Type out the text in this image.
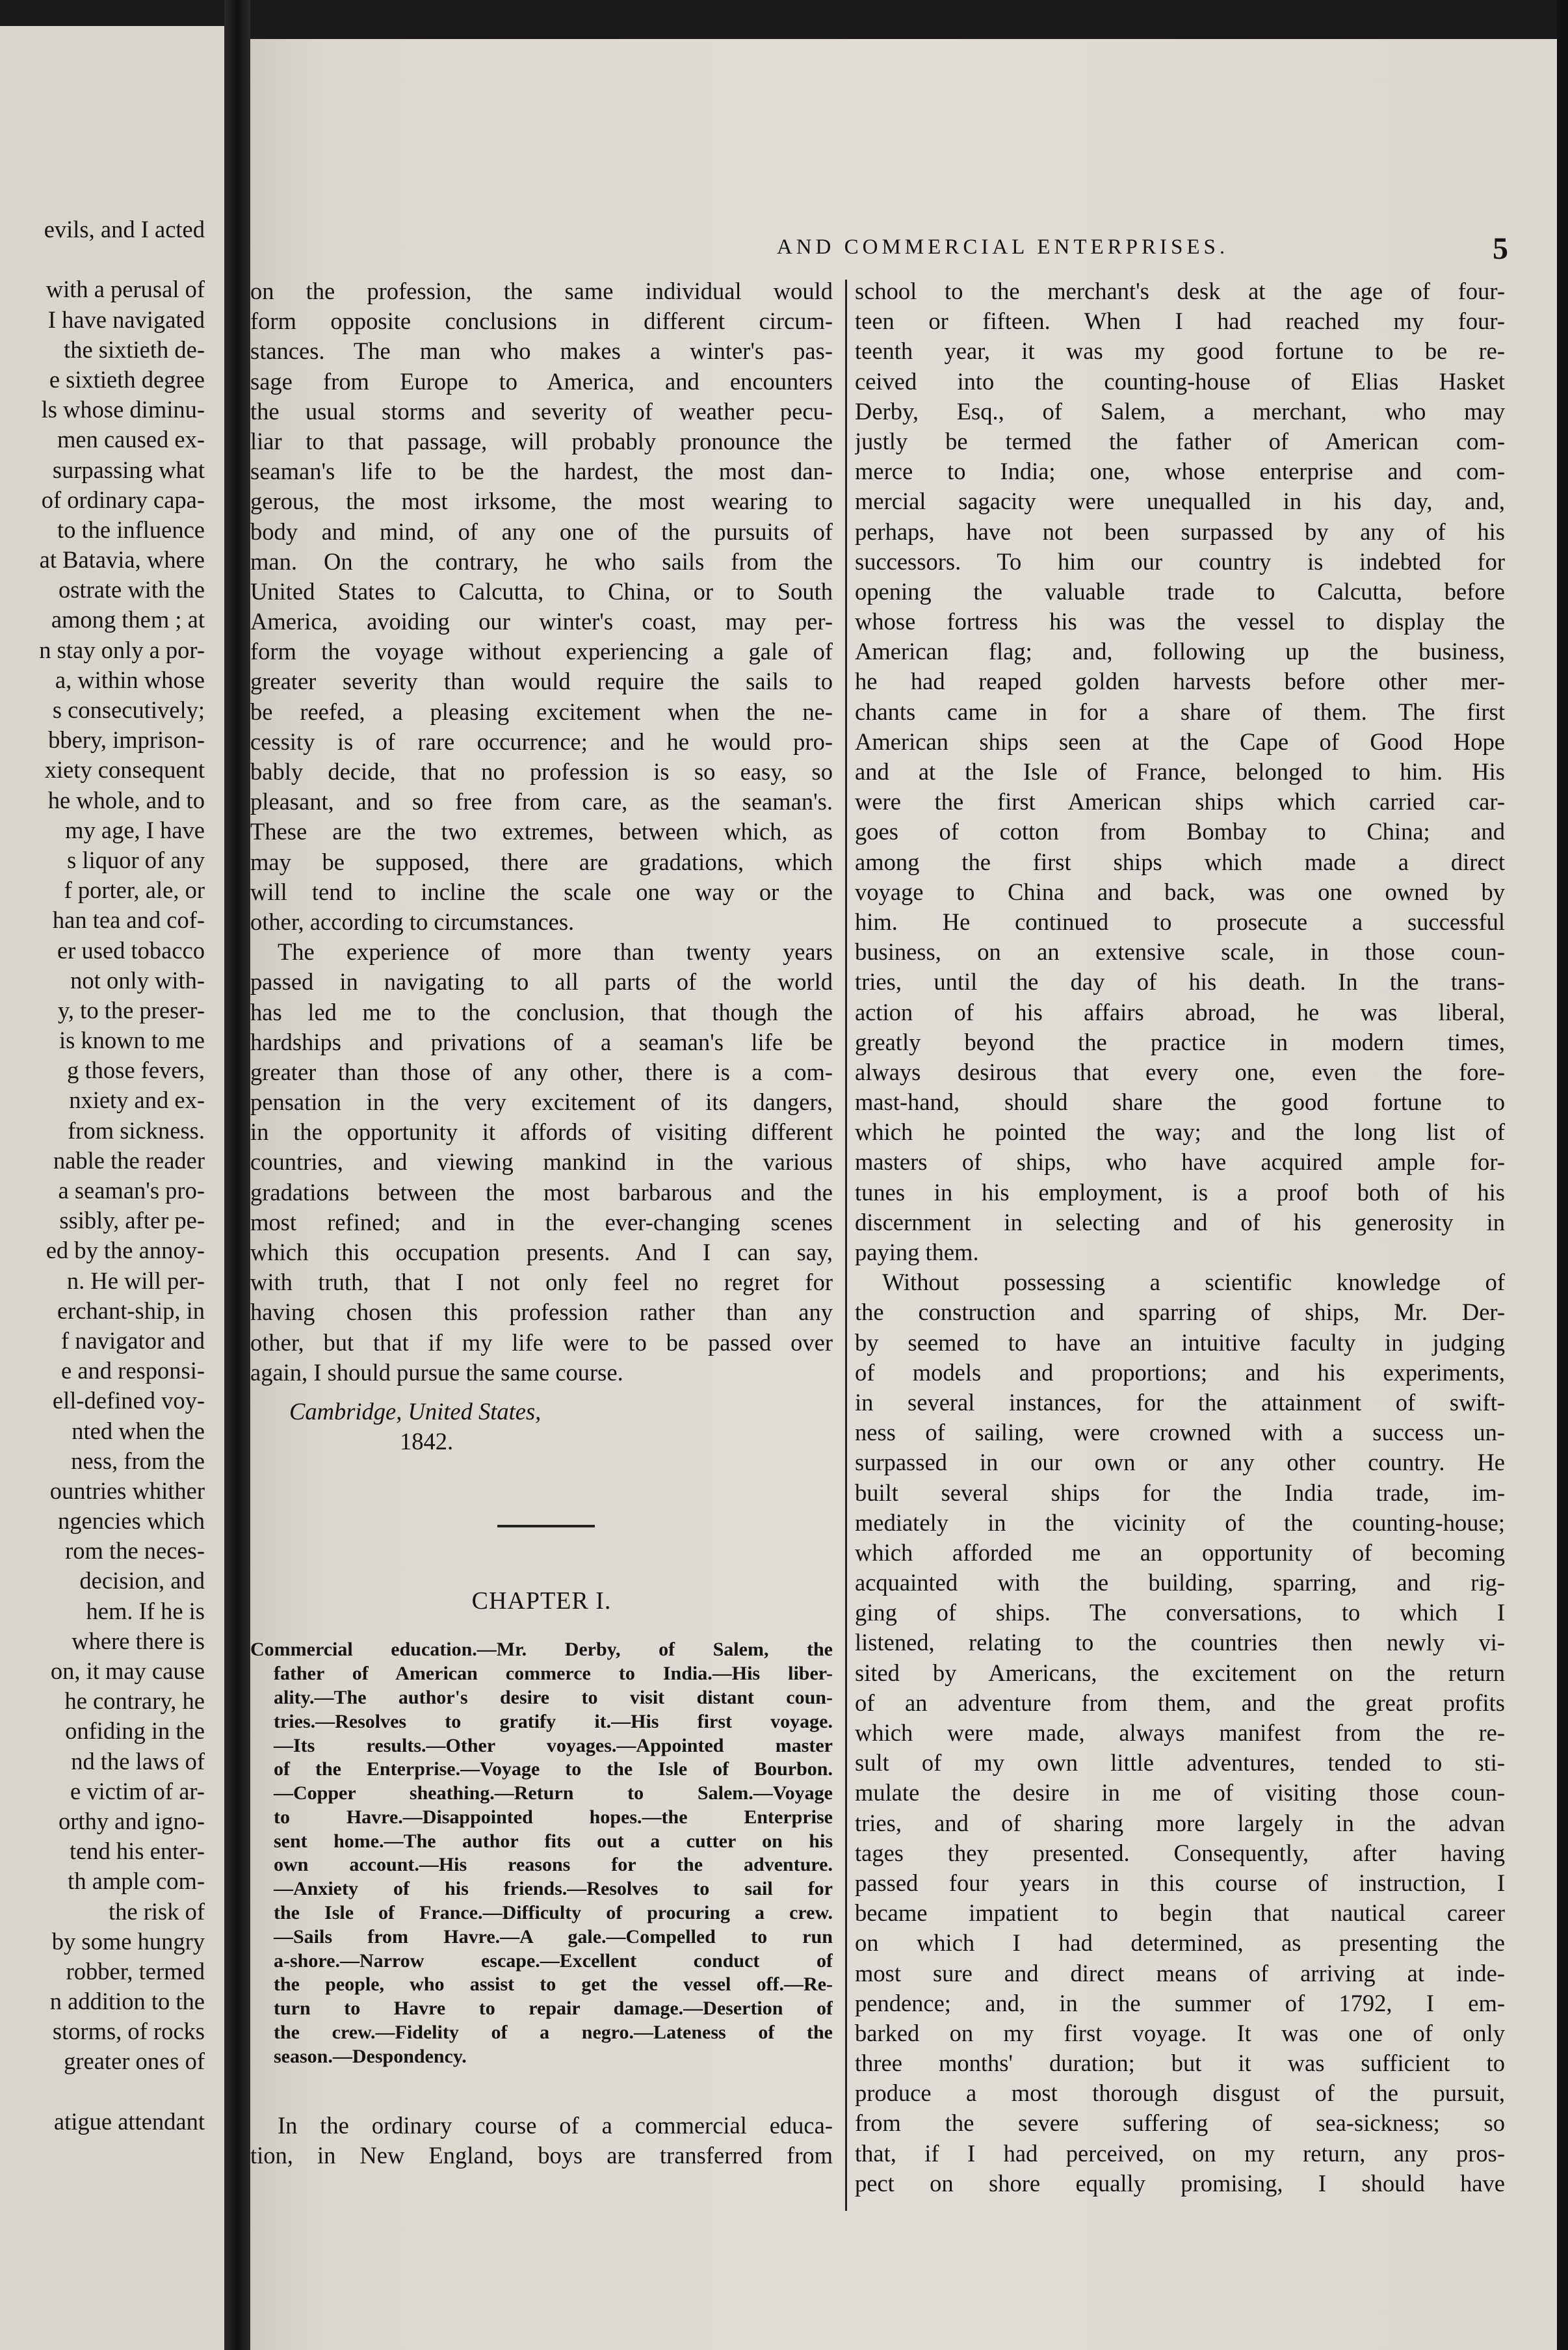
evils, and I acted
with a perusal of
I have navigated
the sixtieth de-
e sixtieth degree
ls whose diminu-
men caused ex-
surpassing what
of ordinary capa-
to the influence
at Batavia, where
ostrate with the
among them ; at
n stay only a por-
a, within whose
s consecutively;
bbery, imprison-
xiety consequent
he whole, and to
my age, I have
s liquor of any
f porter, ale, or
han tea and cof-
er used tobacco
not only with-
y, to the preser-
is known to me
g those fevers,
nxiety and ex-
from sickness.
nable the reader
a seaman's pro-
ssibly, after pe-
ed by the annoy-
n. He will per-
erchant-ship, in
f navigator and
e and responsi-
ell-defined voy-
nted when the
ness, from the
ountries whither
ngencies which
rom the neces-
decision, and
hem. If he is
where there is
on, it may cause
he contrary, he
onfiding in the
nd the laws of
e victim of ar-
orthy and igno-
tend his enter-
th ample com-
the risk of
by some hungry
robber, termed
n addition to the
storms, of rocks
greater ones of
atigue attendant
AND COMMERCIAL ENTERPRISES.	5
on the profession, the same individual would
form opposite conclusions in different circum-
stances. The man who makes a winter's pas-
sage from Europe to America, and encounters
the usual storms and severity of weather pecu-
liar to that passage, will probably pronounce the
seaman's life to be the hardest, the most dan-
gerous, the most irksome, the most wearing to
body and mind, of any one of the pursuits of
man. On the contrary, he who sails from the
United States to Calcutta, to China, or to South
America, avoiding our winter's coast, may per-
form the voyage without experiencing a gale of
greater severity than would require the sails to
be reefed, a pleasing excitement when the ne-
cessity is of rare occurrence; and he would pro-
bably decide, that no profession is so easy, so
pleasant, and so free from care, as the seaman's.
These are the two extremes, between which, as
may be supposed, there are gradations, which
will tend to incline the scale one way or the
other, according to circumstances.
The experience of more than twenty years
passed in navigating to all parts of the world
has led me to the conclusion, that though the
hardships and privations of a seaman's life be
greater than those of any other, there is a com-
pensation in the very excitement of its dangers,
in the opportunity it affords of visiting different
countries, and viewing mankind in the various
gradations between the most barbarous and the
most refined; and in the ever-changing scenes
which this occupation presents. And I can say,
with truth, that I not only feel no regret for
having chosen this profession rather than any
other, but that if my life were to be passed over
again, I should pursue the same course.
Cambridge, United States,
1842.
CHAPTER I.
Commercial education.—Mr. Derby, of Salem, the
father of American commerce to India.—His liber-
ality.—The author's desire to visit distant coun-
tries.—Resolves to gratify it.—His first voyage.
—Its results.—Other voyages.—Appointed master
of the Enterprise.—Voyage to the Isle of Bourbon.
—Copper sheathing.—Return to Salem.—Voyage
to Havre.—Disappointed hopes.—the Enterprise
sent home.—The author fits out a cutter on his
own account.—His reasons for the adventure.
—Anxiety of his friends.—Resolves to sail for
the Isle of France.—Difficulty of procuring a crew.
—Sails from Havre.—A gale.—Compelled to run
a-shore.—Narrow escape.—Excellent conduct of
the people, who assist to get the vessel off.—Re-
turn to Havre to repair damage.—Desertion of
the crew.—Fidelity of a negro.—Lateness of the
season.—Despondency.
In the ordinary course of a commercial educa-
tion, in New England, boys are transferred from
school to the merchant's desk at the age of four-
teen or fifteen. When I had reached my four-
teenth year, it was my good fortune to be re-
ceived into the counting-house of Elias Hasket
Derby, Esq., of Salem, a merchant, who may
justly be termed the father of American com-
merce to India; one, whose enterprise and com-
mercial sagacity were unequalled in his day, and,
perhaps, have not been surpassed by any of his
successors. To him our country is indebted for
opening the valuable trade to Calcutta, before
whose fortress his was the vessel to display the
American flag; and, following up the business,
he had reaped golden harvests before other mer-
chants came in for a share of them. The first
American ships seen at the Cape of Good Hope
and at the Isle of France, belonged to him. His
were the first American ships which carried car-
goes of cotton from Bombay to China; and
among the first ships which made a direct
voyage to China and back, was one owned by
him. He continued to prosecute a successful
business, on an extensive scale, in those coun-
tries, until the day of his death. In the trans-
action of his affairs abroad, he was liberal,
greatly beyond the practice in modern times,
always desirous that every one, even the fore-
mast-hand, should share the good fortune to
which he pointed the way; and the long list of
masters of ships, who have acquired ample for-
tunes in his employment, is a proof both of his
discernment in selecting and of his generosity in
paying them.
Without possessing a scientific knowledge of
the construction and sparring of ships, Mr. Der-
by seemed to have an intuitive faculty in judging
of models and proportions; and his experiments,
in several instances, for the attainment of swift-
ness of sailing, were crowned with a success un-
surpassed in our own or any other country. He
built several ships for the India trade, im-
mediately in the vicinity of the counting-house;
which afforded me an opportunity of becoming
acquainted with the building, sparring, and rig-
ging of ships. The conversations, to which I
listened, relating to the countries then newly vi-
sited by Americans, the excitement on the return
of an adventure from them, and the great profits
which were made, always manifest from the re-
sult of my own little adventures, tended to sti-
mulate the desire in me of visiting those coun-
tries, and of sharing more largely in the advan
tages they presented. Consequently, after having
passed four years in this course of instruction, I
became impatient to begin that nautical career
on which I had determined, as presenting the
most sure and direct means of arriving at inde-
pendence; and, in the summer of 1792, I em-
barked on my first voyage. It was one of only
three months' duration; but it was sufficient to
produce a most thorough disgust of the pursuit,
from the severe suffering of sea-sickness; so
that, if I had perceived, on my return, any pros-
pect on shore equally promising, I should have
